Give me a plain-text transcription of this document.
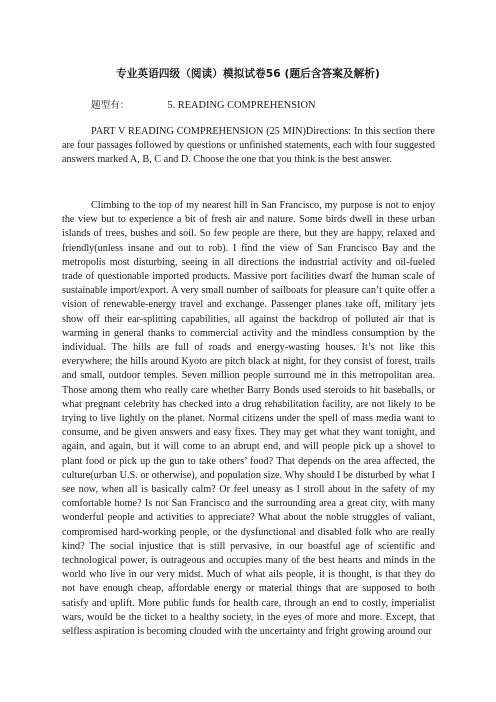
专业英语四级（阅读）模拟试卷56 (题后含答案及解析)
题型有：	5. READING COMPREHENSION

PART V READING COMPREHENSION (25 MIN)Directions: In this section there are four passages followed by questions or unfinished statements, each with four suggested answers marked A, B, C and D. Choose the one that you think is the best answer.

Climbing to the top of my nearest hill in San Francisco, my purpose is not to enjoy the view but to experience a bit of fresh air and nature. Some birds dwell in these urban islands of trees, bushes and soil. So few people are there, but they are happy, relaxed and friendly(unless insane and out to rob). I find the view of San Francisco Bay and the metropolis most disturbing, seeing in all directions the industrial activity and oil-fueled trade of questionable imported products. Massive port facilities dwarf the human scale of sustainable import/export. A very small number of sailboats for pleasure can’t quite offer a vision of renewable-energy travel and exchange. Passenger planes take off, military jets show off their ear-splitting capabilities, all against the backdrop of polluted air that is warming in general thanks to commercial activity and the mindless consumption by the individual. The hills are full of roads and energy-wasting houses. It’s not like this everywhere; the hills around Kyoto are pitch black at night, for they consist of forest, trails and small, outdoor temples. Seven million people surround me in this metropolitan area. Those among them who really care whether Barry Bonds used steroids to hit baseballs, or what pregnant celebrity has checked into a drug rehabilitation facility, are not likely to be trying to live lightly on the planet. Normal citizens under the spell of mass media want to consume, and be given answers and easy fixes. They may get what they want tonight, and again, and again, but it will come to an abrupt end, and will people pick up a shovel to plant food or pick up the gun to take others’ food? That depends on the area affected, the culture(urban U.S. or otherwise), and population size. Why should I be disturbed by what I see now, when all is basically calm? Or feel uneasy as I stroll about in the safety of my comfortable home? Is not San Francisco and the surrounding area a great city, with many wonderful people and activities to appreciate? What about the noble struggles of valiant, compromised hard-working people, or the dysfunctional and disabled folk who are really kind? The social injustice that is still pervasive, in our boastful age of scientific and technological power, is outrageous and occupies many of the best hearts and minds in the world who live in our very midst. Much of what ails people, it is thought, is that they do not have enough cheap, affordable energy or material things that are supposed to both satisfy and uplift. More public funds for health care, through an end to costly, imperialist wars, would be the ticket to a healthy society, in the eyes of more and more. Except, that selfless aspiration is becoming clouded with the uncertainty and fright growing around our
